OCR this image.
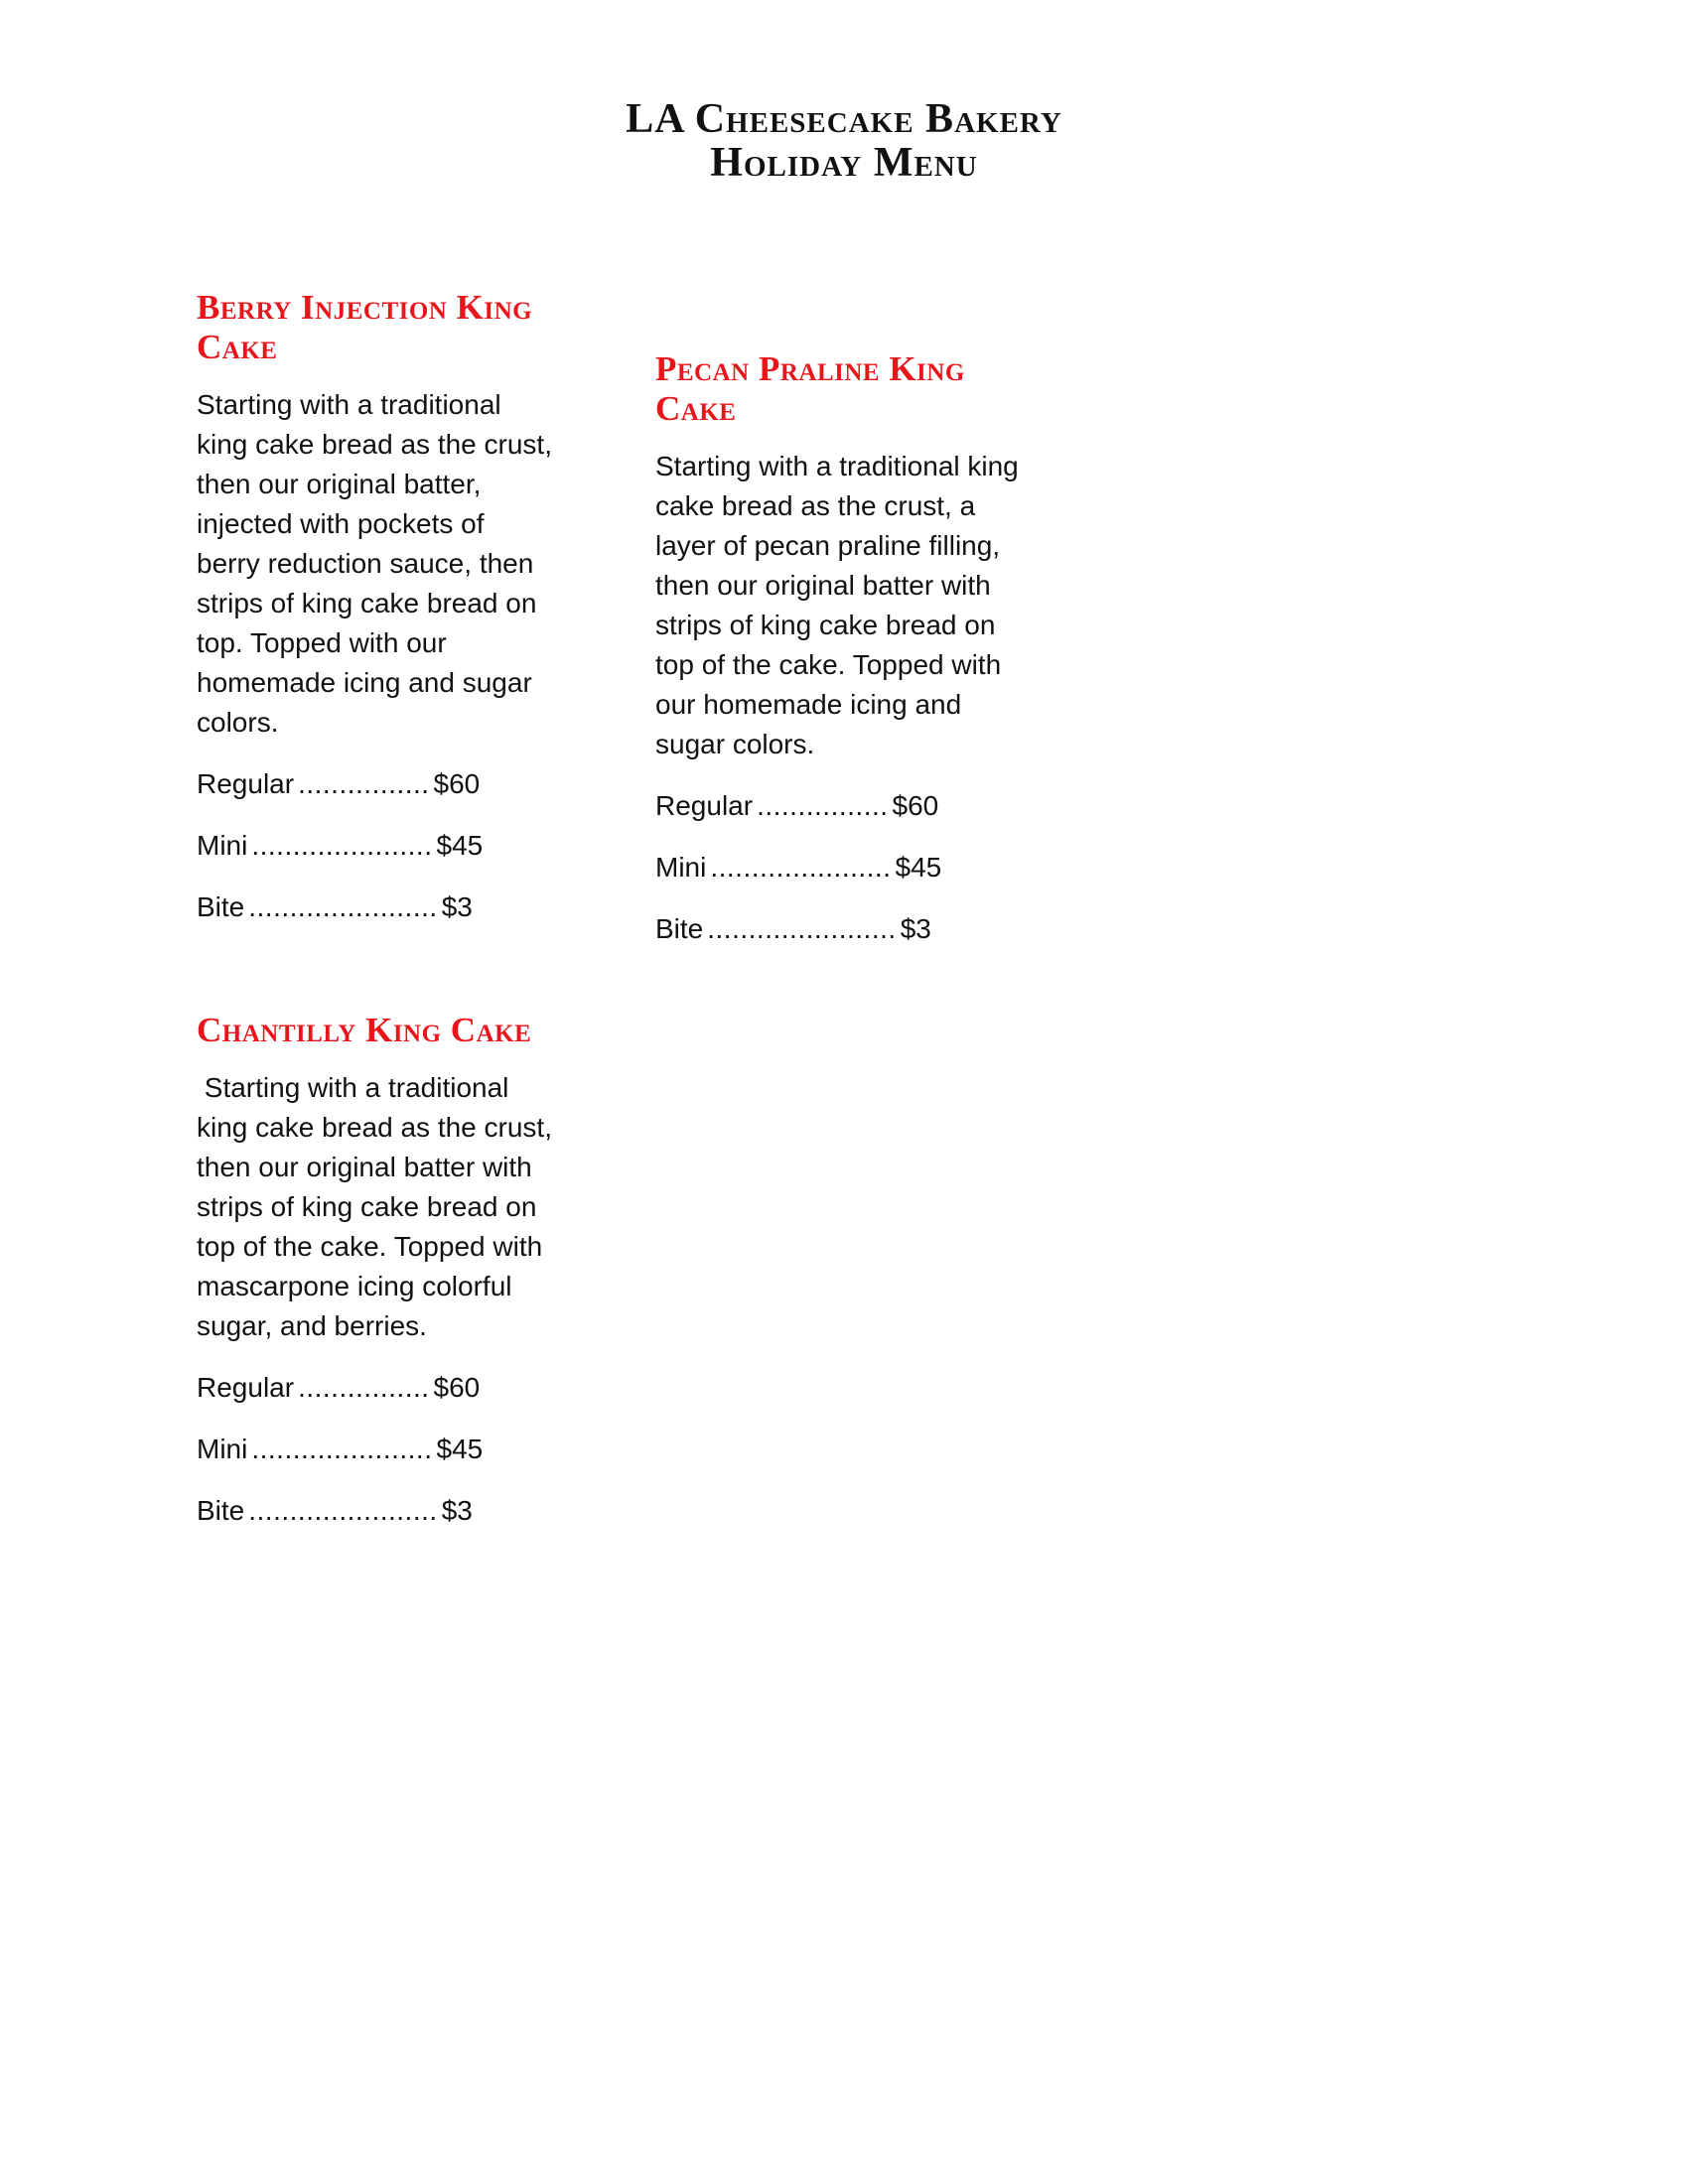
LA Cheesecake Bakery
Holiday Menu
Berry Injection King Cake
Starting with a traditional king cake bread as the crust, then our original batter, injected with pockets of berry reduction sauce, then strips of king cake bread on top. Topped with our homemade icing and sugar colors.
Regular ................ $60
Mini ...................... $45
Bite ....................... $3
Chantilly King Cake
Starting with a traditional king cake bread as the crust, then our original batter with strips of king cake bread on top of the cake. Topped with mascarpone icing colorful sugar, and berries.
Regular ................ $60
Mini ...................... $45
Bite ....................... $3
Pecan Praline King Cake
Starting with a traditional king cake bread as the crust, a layer of pecan praline filling, then our original batter with strips of king cake bread on top of the cake. Topped with our homemade icing and sugar colors.
Regular ................ $60
Mini ...................... $45
Bite ....................... $3
